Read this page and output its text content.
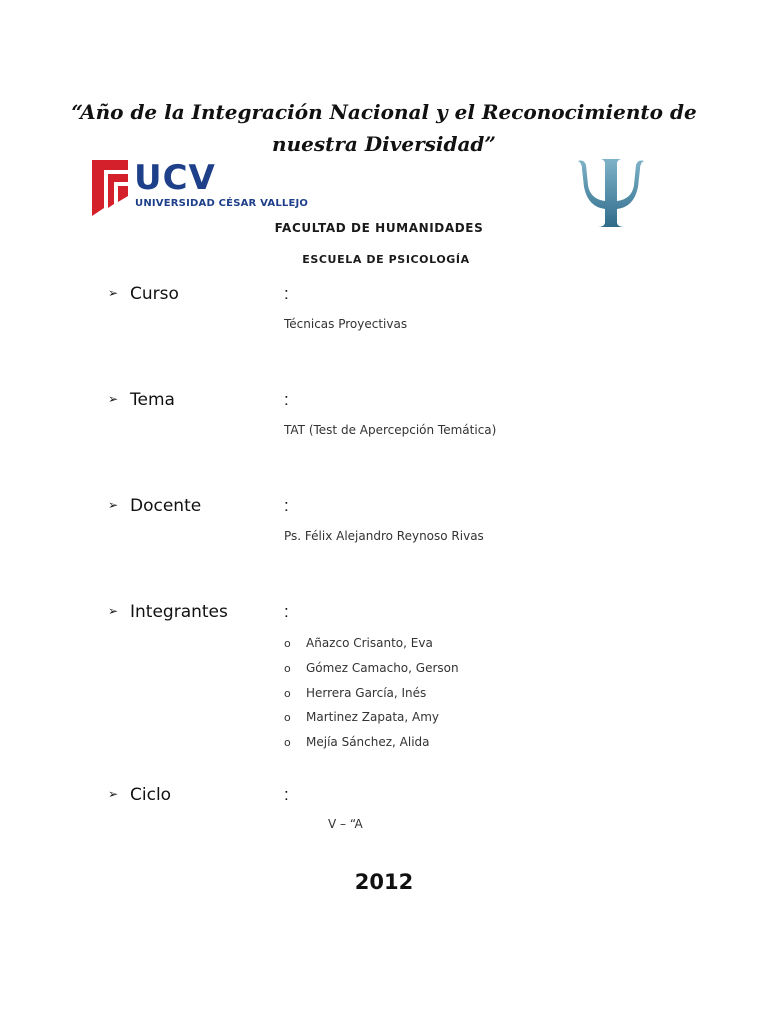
“Año de la Integración Nacional y el Reconocimiento de
nuestra Diversidad”
UCV
UNIVERSIDAD CÉSAR VALLEJO
FACULTAD DE HUMANIDADES
ESCUELA DE PSICOLOGÍA
➢ Curso	:
Técnicas Proyectivas
➢ Tema	:
TAT (Test de Apercepción Temática)
➢ Docente	:
Ps. Félix Alejandro Reynoso Rivas
➢ Integrantes	:
o Añazco Crisanto, Eva
o Gómez Camacho, Gerson
o Herrera García, Inés
o Martinez Zapata, Amy
o Mejía Sánchez, Alida
➢ Ciclo	:
V – “A
2012
